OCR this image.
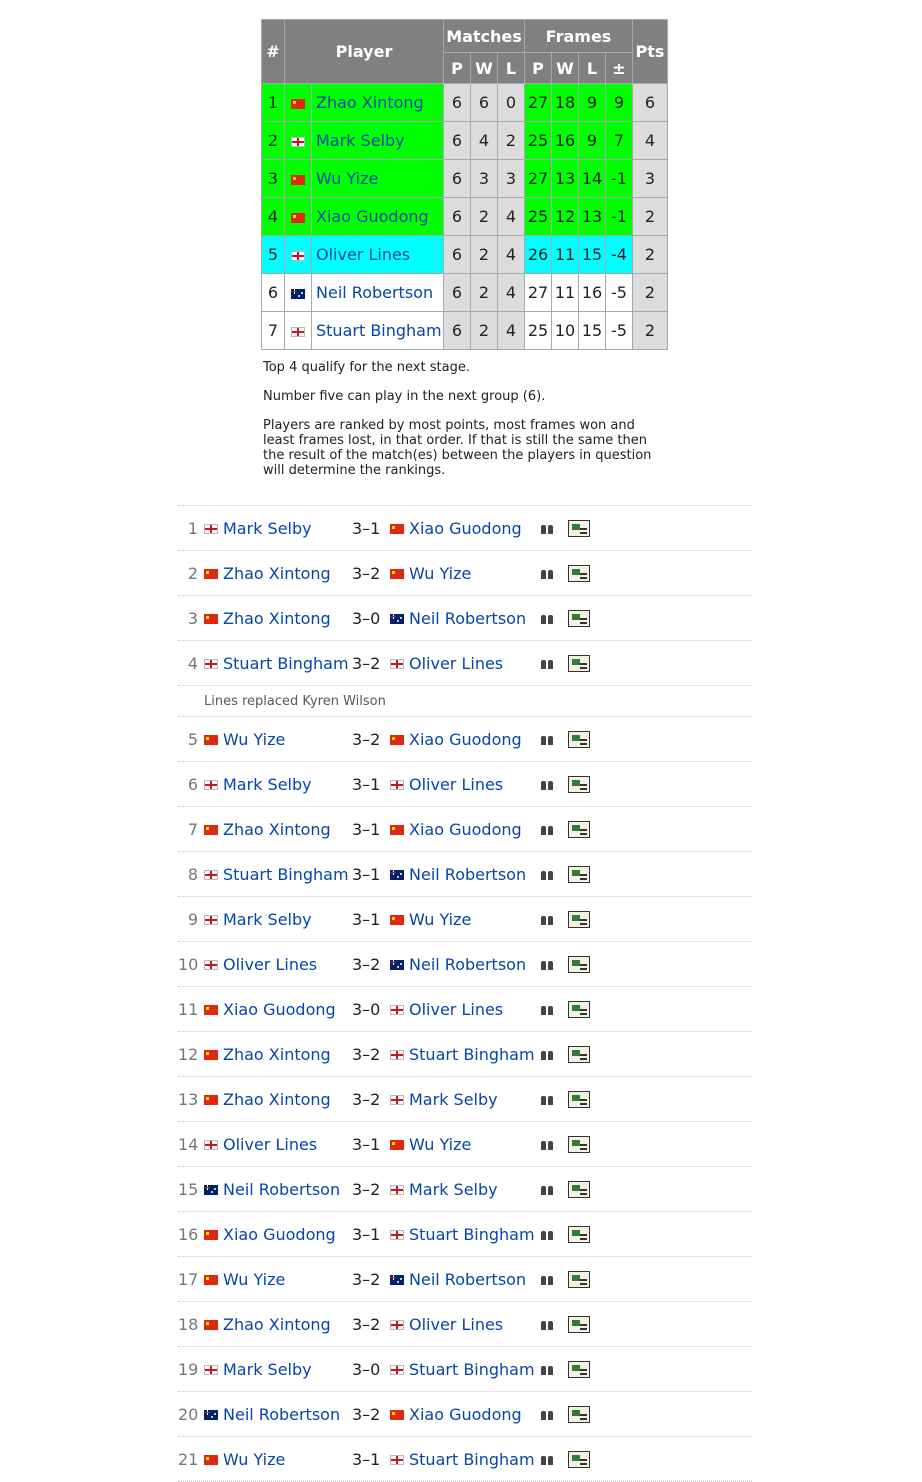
#	Player		Matches			Frames				Pts
			P	W	L	P	W	L	±	
1		Zhao Xintong	6	6	0	27	18	9	9	6
2		Mark Selby	6	4	2	25	16	9	7	4
3		Wu Yize	6	3	3	27	13	14	-1	3
4		Xiao Guodong	6	2	4	25	12	13	-1	2
5		Oliver Lines	6	2	4	26	11	15	-4	2
6		Neil Robertson	6	2	4	27	11	16	-5	2
7		Stuart Bingham	6	2	4	25	10	15	-5	2

Top 4 qualify for the next stage.

Number five can play in the next group (6).

Players are ranked by most points, most frames won and least frames lost, in that order. If that is still the same then the result of the match(es) between the players in question will determine the rankings.

1	Mark Selby	3–1	Xiao Guodong
2	Zhao Xintong	3–2	Wu Yize
3	Zhao Xintong	3–0	Neil Robertson
4	Stuart Bingham 3–2	Oliver Lines
Lines replaced Kyren Wilson
5	Wu Yize	3–2	Xiao Guodong
6	Mark Selby	3–1	Oliver Lines
7	Zhao Xintong	3–1	Xiao Guodong
8	Stuart Bingham 3–1	Neil Robertson
9	Mark Selby	3–1	Wu Yize
10	Oliver Lines	3–2	Neil Robertson
11	Xiao Guodong	3–0	Oliver Lines
12	Zhao Xintong	3–2	Stuart Bingham
13	Zhao Xintong	3–2	Mark Selby
14	Oliver Lines	3–1	Wu Yize
15	Neil Robertson 3–2	Mark Selby
16	Xiao Guodong	3–1	Stuart Bingham
17	Wu Yize	3–2	Neil Robertson
18	Zhao Xintong	3–2	Oliver Lines
19	Mark Selby	3–0	Stuart Bingham
20	Neil Robertson 3–2	Xiao Guodong
21	Wu Yize	3–1	Stuart Bingham
